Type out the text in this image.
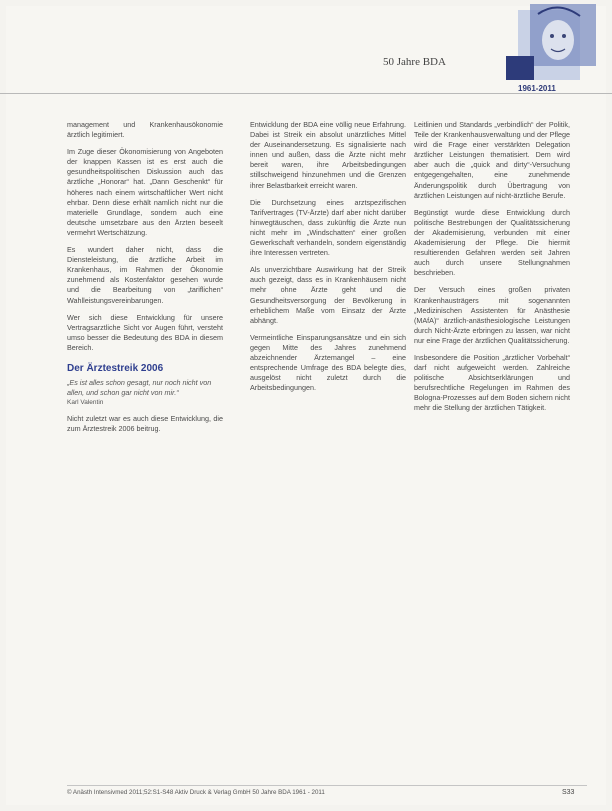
50 Jahre BDA
1961-2011

management und Krankenhausökonomie ärztlich legitimiert.

Im Zuge dieser Ökonomisierung von Angeboten der knappen Kassen ist es erst auch die gesundheitspolitischen Diskussion auch das ärztliche „Honorar“ hat. „Dann Geschenkt“ für höheres nach einem wirtschaftlicher Wert nicht ehrbar. Denn diese erhält namlich nicht nur die materielle Grundlage, sondern auch eine deutsche umsetzbare aus den Ärzten beseelt vermehrt Wertschätzung.

Es wundert daher nicht, dass die Diensteleistung, die ärztliche Arbeit im Krankenhaus, im Rahmen der Ökonomie zunehmend als Kostenfaktor gesehen wurde und die Bearbeitung von „tariflichen“ Wahlleistungsvereinbarungen.

Wer sich diese Entwicklung für unsere Vertragsarztliche Sicht vor Augen führt, versteht umso besser die Bedeutung des BDA in diesem Bereich.

Der Ärztestreik 2006

„Es ist alles schon gesagt, nur noch nicht von allen, und schon gar nicht von mir.“

Karl Valentin

Nicht zuletzt war es auch diese Entwicklung, die zum Ärztestreik 2006 beitrug.

Entwicklung der BDA eine völlig neue Erfahrung. Dabei ist Streik ein absolut unärztliches Mittel der Auseinandersetzung. Es signalisierte nach innen und außen, dass die Ärzte nicht mehr bereit waren, ihre Arbeitsbedingungen stillschweigend hinzunehmen und die Grenzen ihrer Belastbarkeit erreicht waren.

Die Durchsetzung eines arztspezifischen Tarifvertrages (TV-Ärzte) darf aber nicht darüber hinwegtäuschen, dass zukünftig die Ärzte nun nicht mehr im „Windschatten“ einer großen Gewerkschaft verhandeln, sondern eigenständig ihre Interessen vertreten.

Als unverzichtbare Auswirkung hat der Streik auch gezeigt, dass es in Krankenhäusern nicht mehr ohne Ärzte geht und die Gesundheitsversorgung der Bevölkerung in erheblichem Maße vom Einsatz der Ärzte abhängt.

Vermeintliche Einsparungsansätze und ein sich gegen Mitte des Jahres zunehmend abzeichnender Ärztemangel – eine entsprechende Umfrage des BDA belegte dies, ausgelöst nicht zuletzt durch die Arbeitsbedingungen.

Leitlinien und Standards „verbindlich“ der Politik, Teile der Krankenhausverwaltung und der Pflege wird die Frage einer verstärkten Delegation ärztlicher Leistungen thematisiert. Dem wird aber auch die „quick and dirty“-Versuchung entgegengehalten, eine zunehmende Änderungspolitik durch Übertragung von ärztlichen Leistungen auf nicht-ärztliche Berufe.

Begünstigt wurde diese Entwicklung durch politische Bestrebungen der Qualitätssicherung der Akademisierung, verbunden mit einer Akademisierung der Pflege. Die hiermit resultierenden Gefahren werden seit Jahren auch durch unsere Stellungnahmen beschrieben.

Der Versuch eines großen privaten Krankenhausträgers mit sogenannten „Medizinischen Assistenten für Anästhesie (MAfA)“ ärztlich-anästhesiologische Leistungen durch Nicht-Ärzte erbringen zu lassen, war nicht nur eine Frage der ärztlichen Qualitätssicherung.

Insbesondere die Position „ärztlicher Vorbehalt“ darf nicht aufgeweicht werden. Zahlreiche politische Absichtserklärungen und berufsrechtliche Regelungen im Rahmen des Bologna-Prozesses auf dem Boden sichern nicht mehr die Stellung der ärztlichen Tätigkeit.

© Anästh Intensivmed 2011;52:S1-S48 Aktiv Druck & Verlag GmbH 50 Jahre BDA 1961 - 2011	S33
